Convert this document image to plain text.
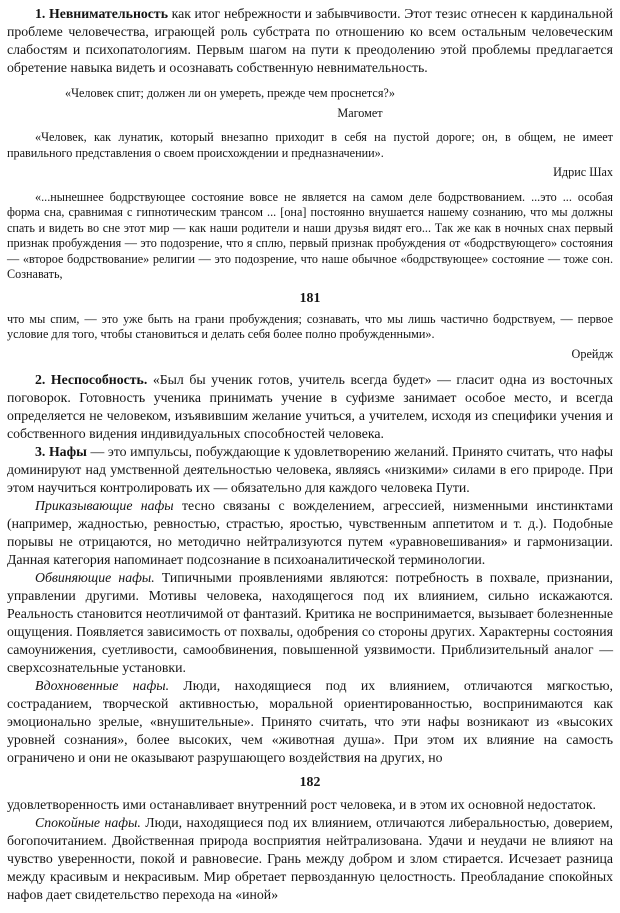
1. Невнимательность как итог небрежности и забывчивости. Этот тезис отнесен к кардинальной проблеме человечества, играющей роль субстрата по отношению ко всем остальным человеческим слабостям и психопатологиям. Первым шагом на пути к преодолению этой проблемы предлагается обретение навыка видеть и осознавать собственную невнимательность.

«Человек спит; должен ли он умереть, прежде чем проснется?»

Магомет

«Человек, как лунатик, который внезапно приходит в себя на пустой дороге; он, в общем, не имеет правильного представления о своем происхождении и предназначении».

Идрис Шах

«...нынешнее бодрствующее состояние вовсе не является на самом деле бодрствованием. ...это ... особая форма сна, сравнимая с гипнотическим трансом ... [она] постоянно внушается нашему сознанию, что мы должны спать и видеть во сне этот мир — как наши родители и наши друзья видят его... Так же как в ночных снах первый признак пробуждения — это подозрение, что я сплю, первый признак пробуждения от «бодрствующего» состояния — «второе бодрствование» религии — это подозрение, что наше обычное «бодрствующее» состояние — тоже сон. Сознавать,

181

что мы спим, — это уже быть на грани пробуждения; сознавать, что мы лишь частично бодрствуем, — первое условие для того, чтобы становиться и делать себя более полно пробужденными».

Орейдж

2. Неспособность. «Был бы ученик готов, учитель всегда будет» — гласит одна из восточных поговорок. Готовность ученика принимать учение в суфизме занимает особое место, и всегда определяется не человеком, изъявившим желание учиться, а учителем, исходя из специфики учения и собственного видения индивидуальных способностей человека.

3. Нафы — это импульсы, побуждающие к удовлетворению желаний. Принято считать, что нафы доминируют над умственной деятельностью человека, являясь «низкими» силами в его природе. При этом научиться контролировать их — обязательно для каждого человека Пути.

Приказывающие нафы тесно связаны с вожделением, агрессией, низменными инстинктами (например, жадностью, ревностью, страстью, яростью, чувственным аппетитом и т. д.). Подобные порывы не отрицаются, но методично нейтрализуются путем «уравновешивания» и гармонизации. Данная категория напоминает подсознание в психоаналитической терминологии.

Обвиняющие нафы. Типичными проявлениями являются: потребность в похвале, признании, управлении другими. Мотивы человека, находящегося под их влиянием, сильно искажаются. Реальность становится неотличимой от фантазий. Критика не воспринимается, вызывает болезненные ощущения. Появляется зависимость от похвалы, одобрения со стороны других. Характерны состояния самоунижения, суетливости, самообвинения, повышенной уязвимости. Приблизительный аналог — сверхсознательные установки.

Вдохновенные нафы. Люди, находящиеся под их влиянием, отличаются мягкостью, состраданием, творческой активностью, моральной ориентированностью, воспринимаются как эмоционально зрелые, «внушительные». Принято считать, что эти нафы возникают из «высоких уровней сознания», более высоких, чем «животная душа». При этом их влияние на самость ограничено и они не оказывают разрушающего воздействия на других, но

182

удовлетворенность ими останавливает внутренний рост человека, и в этом их основной недостаток.

Спокойные нафы. Люди, находящиеся под их влиянием, отличаются либеральностью, доверием, богопочитанием. Двойственная природа восприятия нейтрализована. Удачи и неудачи не влияют на чувство уверенности, покой и равновесие. Грань между добром и злом стирается. Исчезает разница между красивым и некрасивым. Мир обретает первозданную целостность. Преобладание спокойных нафов дает свидетельство перехода на «иной»
